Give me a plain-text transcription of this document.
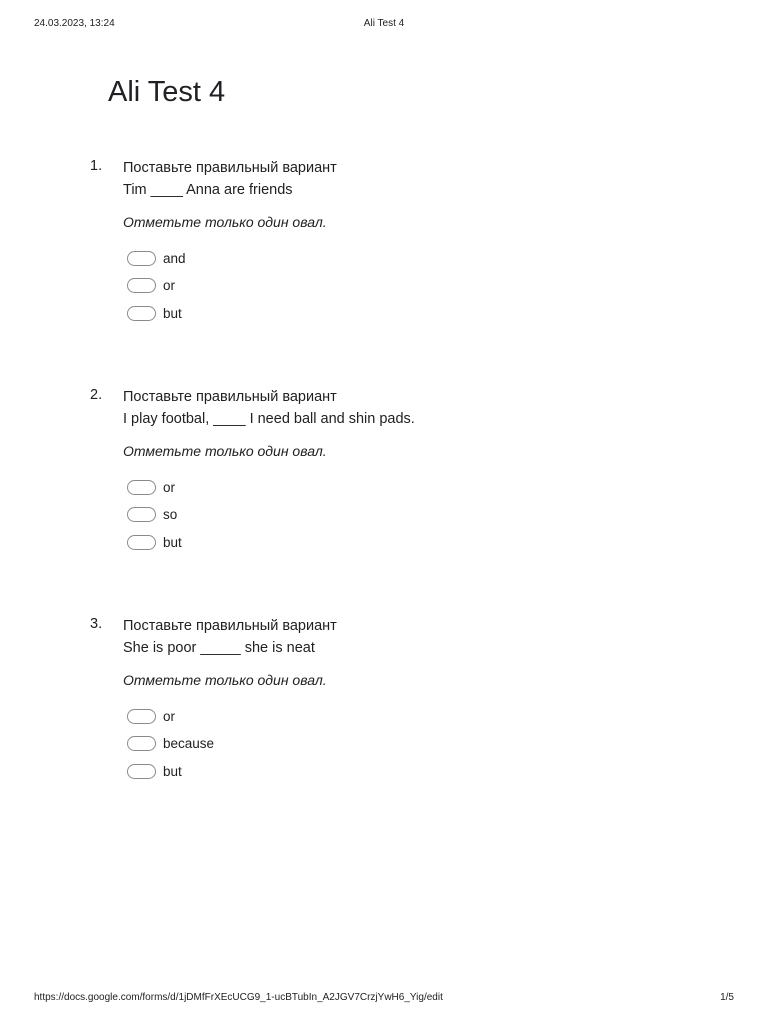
24.03.2023, 13:24	Ali Test 4
Ali Test 4
1. Поставьте правильный вариант
Tim ____ Anna are friends
Отметьте только один овал.
and
or
but
2. Поставьте правильный вариант
I play footbal, ____ I need ball and shin pads.
Отметьте только один овал.
or
so
but
3. Поставьте правильный вариант
She is poor _____ she is neat
Отметьте только один овал.
or
because
but
https://docs.google.com/forms/d/1jDMfFrXEcUCG9_1-ucBTubIn_A2JGV7CrzjYwH6_Yig/edit	1/5
